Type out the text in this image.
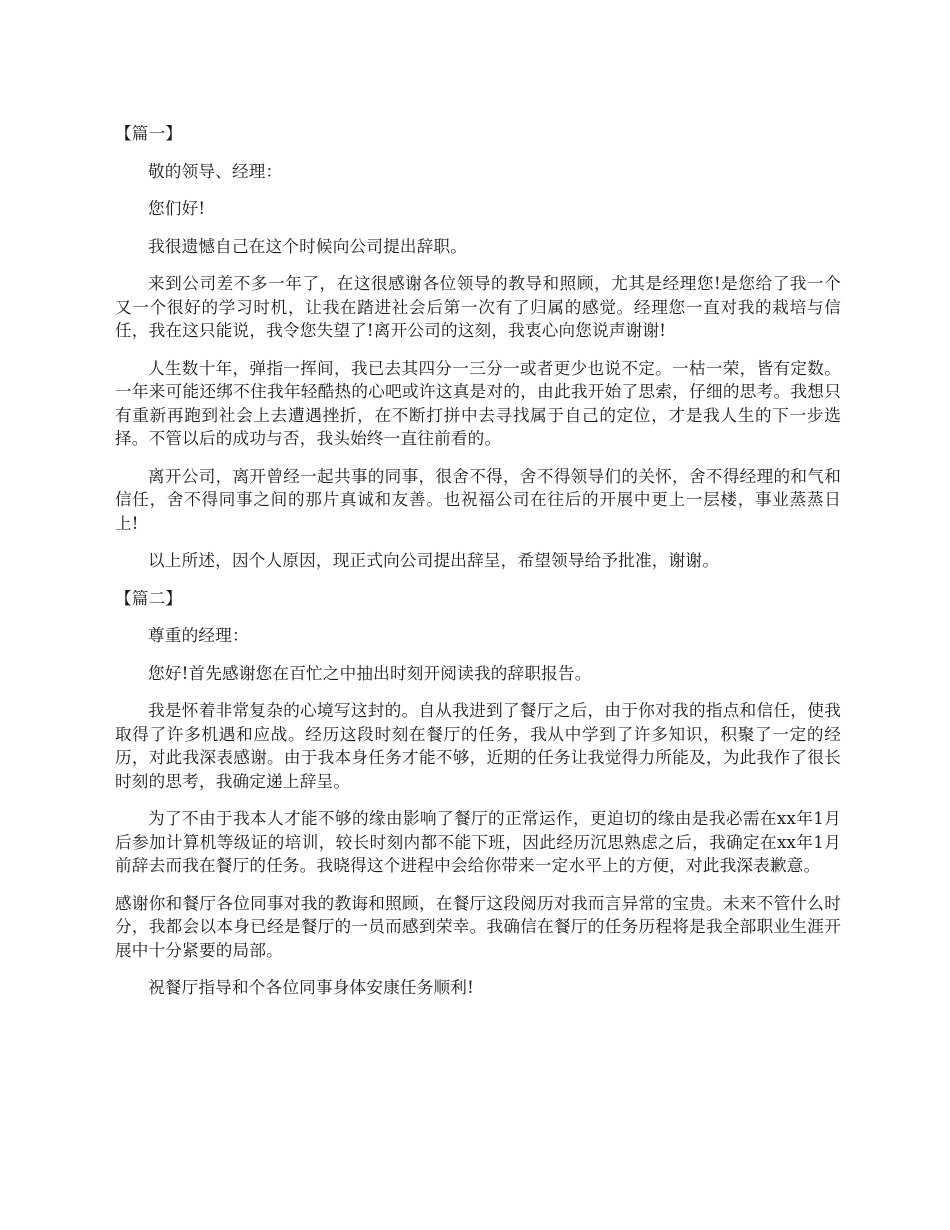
【篇一】

敬的领导、经理：

您们好!

我很遗憾自己在这个时候向公司提出辞职。

来到公司差不多一年了，在这很感谢各位领导的教导和照顾，尤其是经理您!是您给了我一个又一个很好的学习时机，让我在踏进社会后第一次有了归属的感觉。经理您一直对我的栽培与信任，我在这只能说，我令您失望了!离开公司的这刻，我衷心向您说声谢谢!

人生数十年，弹指一挥间，我已去其四分一三分一或者更少也说不定。一枯一荣，皆有定数。一年来可能还绑不住我年轻酷热的心吧或许这真是对的，由此我开始了思索，仔细的思考。我想只有重新再跑到社会上去遭遇挫折，在不断打拼中去寻找属于自己的定位，才是我人生的下一步选择。不管以后的成功与否，我头始终一直往前看的。

离开公司，离开曾经一起共事的同事，很舍不得，舍不得领导们的关怀，舍不得经理的和气和信任，舍不得同事之间的那片真诚和友善。也祝福公司在往后的开展中更上一层楼，事业蒸蒸日上!

以上所述，因个人原因，现正式向公司提出辞呈，希望领导给予批准，谢谢。

【篇二】

尊重的经理：

您好!首先感谢您在百忙之中抽出时刻开阅读我的辞职报告。

我是怀着非常复杂的心境写这封的。自从我进到了餐厅之后，由于你对我的指点和信任，使我取得了许多机遇和应战。经历这段时刻在餐厅的任务，我从中学到了许多知识，积聚了一定的经历，对此我深表感谢。由于我本身任务才能不够，近期的任务让我觉得力所能及，为此我作了很长时刻的思考，我确定递上辞呈。

为了不由于我本人才能不够的缘由影响了餐厅的正常运作，更迫切的缘由是我必需在xx年1月后参加计算机等级证的培训，较长时刻内都不能下班，因此经历沉思熟虑之后，我确定在xx年1月前辞去而我在餐厅的任务。我晓得这个进程中会给你带来一定水平上的方便，对此我深表歉意。

感谢你和餐厅各位同事对我的教诲和照顾，在餐厅这段阅历对我而言异常的宝贵。未来不管什么时分，我都会以本身已经是餐厅的一员而感到荣幸。我确信在餐厅的任务历程将是我全部职业生涯开展中十分紧要的局部。

祝餐厅指导和个各位同事身体安康任务顺利!
